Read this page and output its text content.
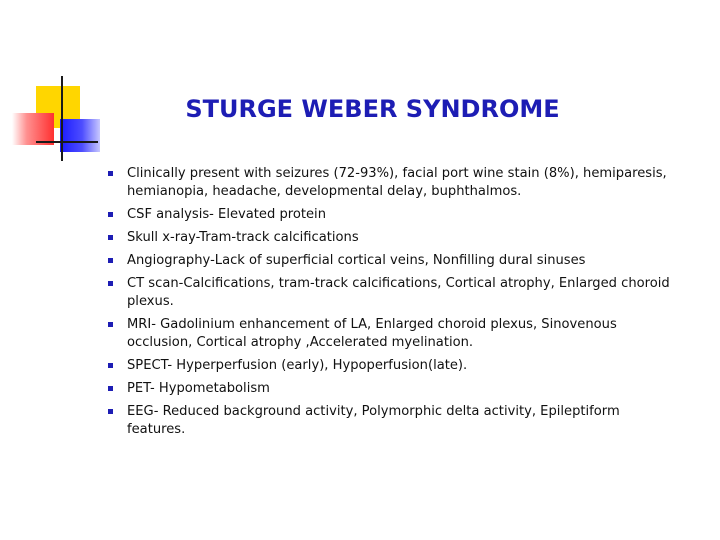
STURGE WEBER SYNDROME
Clinically present with seizures (72-93%), facial port wine stain (8%), hemiparesis, hemianopia, headache, developmental delay, buphthalmos.
CSF analysis- Elevated protein
Skull x-ray-Tram-track calcifications
Angiography-Lack of superficial cortical veins, Nonfilling dural sinuses
CT scan-Calcifications, tram-track calcifications, Cortical atrophy, Enlarged choroid plexus.
MRI- Gadolinium enhancement of LA, Enlarged choroid plexus, Sinovenous occlusion, Cortical atrophy ,Accelerated myelination.
SPECT- Hyperperfusion (early), Hypoperfusion(late).
PET- Hypometabolism
EEG- Reduced background activity, Polymorphic delta activity, Epileptiform features.
